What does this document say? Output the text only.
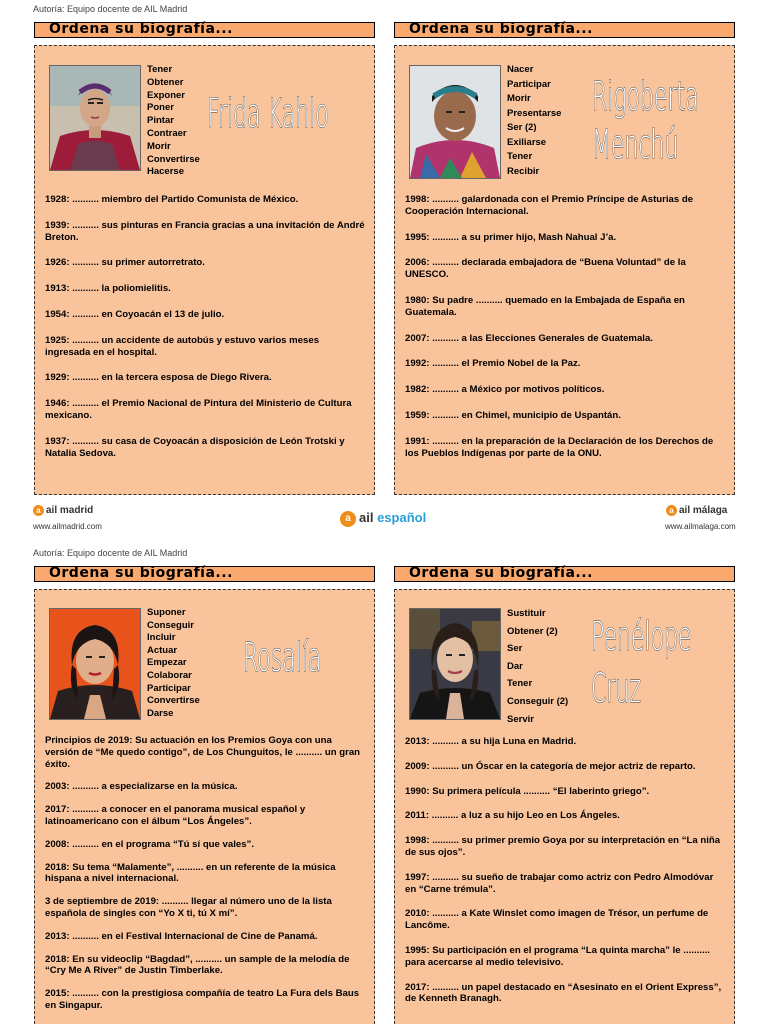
Autoría: Equipo docente de AIL Madrid
Ordena su biografía...
Tener
Obtener
Exponer
Poner
Pintar
Contraer
Morir
Convertirse
Hacerse
Frida Kahlo
1928: .......... miembro del Partido Comunista de México.
1939: .......... sus pinturas en Francia gracias a una invitación de André Breton.
1926: .......... su primer autorretrato.
1913: .......... la poliomielitis.
1954: .......... en Coyoacán el 13 de julio.
1925: .......... un accidente de autobús y estuvo varios meses ingresada en el hospital.
1929: .......... en la tercera esposa de Diego Rivera.
1946: .......... el Premio Nacional de Pintura del Ministerio de Cultura mexicano.
1937: .......... su casa de Coyoacán a disposición de León Trotski y Natalia Sedova.
Ordena su biografía...
Nacer
Participar
Morir
Presentarse
Ser (2)
Exiliarse
Tener
Recibir
Rigoberta
Menchú
1998: .......... galardonada con el Premio Príncipe de Asturias de Cooperación Internacional.
1995: .......... a su primer hijo, Mash Nahual J’a.
2006: .......... declarada embajadora de “Buena Voluntad” de la UNESCO.
1980: Su padre .......... quemado en la Embajada de España en Guatemala.
2007: .......... a las Elecciones Generales de Guatemala.
1992: .......... el Premio Nobel de la Paz.
1982: .......... a México por motivos políticos.
1959: .......... en Chimel, municipio de Uspantán.
1991: .......... en la preparación de la Declaración de los Derechos de los Pueblos Indígenas por parte de la ONU.
a ail madrid
www.ailmadrid.com
a ail español	a ail málaga
www.ailmalaga.com
Autoría: Equipo docente de AIL Madrid
Ordena su biografía...
Suponer
Conseguir
Incluir
Actuar
Empezar
Colaborar
Participar
Convertirse
Darse
Rosalía
Principios de 2019: Su actuación en los Premios Goya con una versión de “Me quedo contigo”, de Los Chunguitos, le .......... un gran éxito.
2003: .......... a especializarse en la música.
2017: .......... a conocer en el panorama musical español y latinoamericano con el álbum “Los Ángeles”.
2008: .......... en el programa “Tú sí que vales”.
2018: Su tema “Malamente”, .......... en un referente de la música hispana a nivel internacional.
3 de septiembre de 2019: .......... llegar al número uno de la lista española de singles con “Yo X ti, tú X mí”.
2013: .......... en el Festival Internacional de Cine de Panamá.
2018: En su videoclip “Bagdad”, .......... un sample de la melodía de “Cry Me A River” de Justin Timberlake.
2015: .......... con la prestigiosa compañía de teatro La Fura dels Baus en Singapur.
Ordena su biografía...
Sustituir
Obtener (2)
Ser
Dar
Tener
Conseguir (2)
Servir
Penélope
Cruz
2013: .......... a su hija Luna en Madrid.
2009: .......... un Óscar en la categoría de mejor actriz de reparto.
1990: Su primera película .......... “El laberinto griego”.
2011: .......... a luz a su hijo Leo en Los Ángeles.
1998: .......... su primer premio Goya por su interpretación en “La niña de sus ojos”.
1997: .......... su sueño de trabajar como actriz con Pedro Almodóvar en “Carne trémula”.
2010: .......... a Kate Winslet como imagen de Trésor, un perfume de Lancôme.
1995: Su participación en el programa “La quinta marcha” le .......... para acercarse al medio televisivo.
2017: .......... un papel destacado en “Asesinato en el Orient Express”, de Kenneth Branagh.
